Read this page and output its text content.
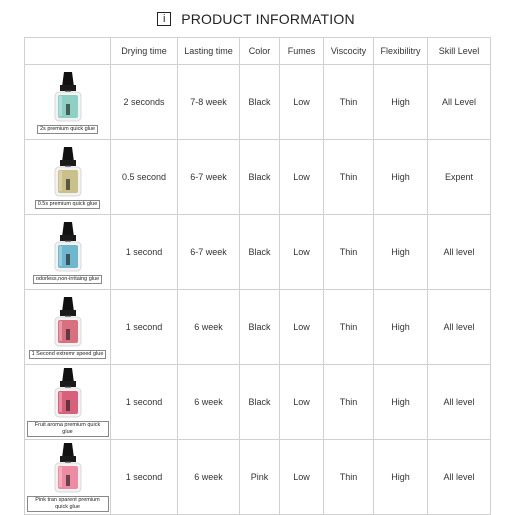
i	PRODUCT INFORMATION
	Drying time	Lasting time	Color	Fumes	Viscocity	Flexibilitry	Skill Level

2s premium quick glue	2 seconds	7-8 week	Black	Low	Thin	High	All Level

0.5s premium quick glue	0.5 second	6-7 week	Black	Low	Thin	High	Expent

odorless,non-irritaing glue	1 second	6-7 week	Black	Low	Thin	High	All level

1 Second extremr speed glue	1 second	6 week	Black	Low	Thin	High	All level

Fruit aroma premium quick glue	1 second	6 week	Black	Low	Thin	High	All level

Pink tran sparent premium quick glue	1 second	6 week	Pink	Low	Thin	High	All level
